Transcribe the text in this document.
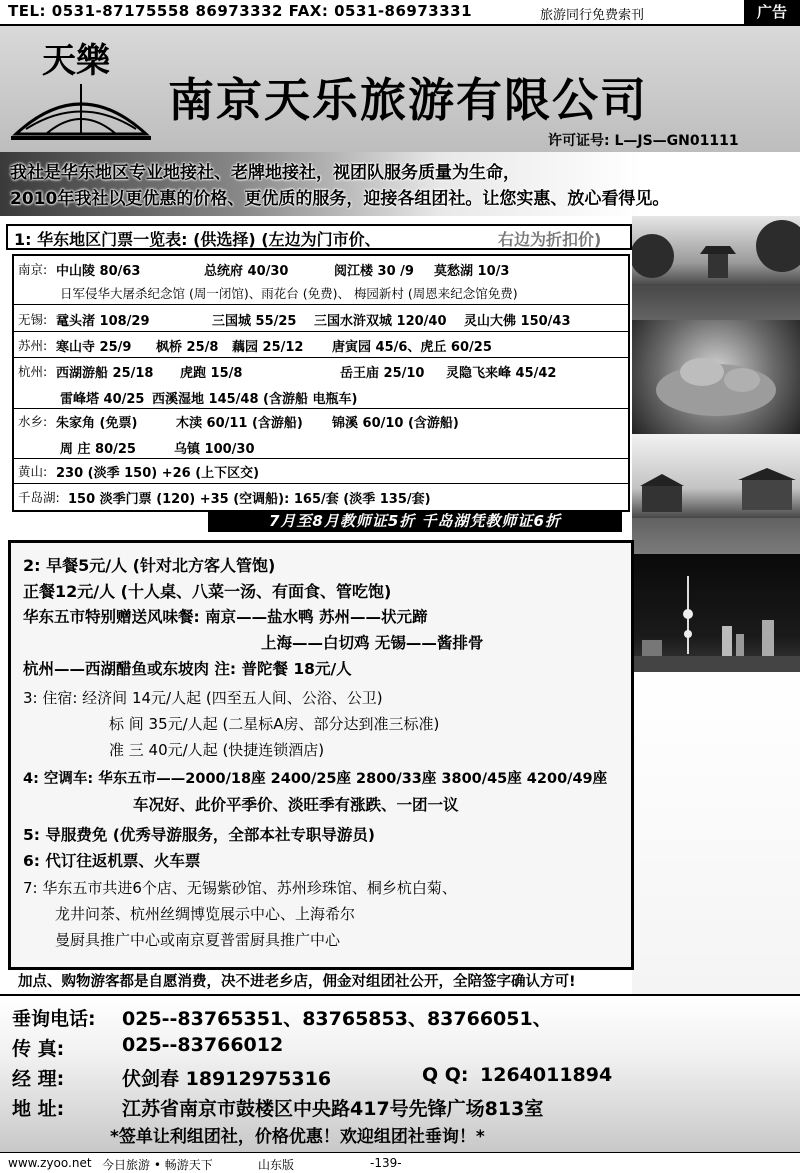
TEL: 0531-87175558 86973332 FAX: 0531-86973331	旅游同行免费索刊	广告
天樂
南京天乐旅游有限公司
许可证号: L—JS—GN01111
我社是华东地区专业地接社、老牌地接社，视团队服务质量为生命，
2010年我社以更优惠的价格、更优质的服务，迎接各组团社。让您实惠、放心看得见。
1: 华东地区门票一览表: (供选择) (左边为门市价、	右边为折扣价)
南京: 中山陵 80/63	总统府 40/30	阅江楼 30 /9 莫愁湖 10/3
日军侵华大屠杀纪念馆 (周一闭馆)、雨花台 (免费)、 梅园新村 (周恩来纪念馆免费)
无锡: 鼋头渚 108/29	三国城 55/25 三国水浒双城 120/40 灵山大佛 150/43
苏州: 寒山寺 25/9 枫桥 25/8 藕园 25/12 唐寅园 45/6、虎丘 60/25
杭州: 西湖游船 25/18 虎跑 15/8	岳王庙 25/10 灵隐飞来峰 45/42
雷峰塔 40/25 西溪湿地 145/48 (含游船 电瓶车)
水乡: 朱家角 (免票)	木渎 60/11 (含游船) 锦溪 60/10 (含游船)
周 庄 80/25	乌镇 100/30
黄山: 230 (淡季 150) +26 (上下区交)
千岛湖: 150 淡季门票 (120) +35 (空调船): 165/套 (淡季 135/套)
7月至8月教师证5折 千岛湖凭教师证6折
2: 早餐5元/人 (针对北方客人管饱)
正餐12元/人 (十人桌、八菜一汤、有面食、管吃饱)
华东五市特别赠送风味餐: 南京——盐水鸭 苏州——状元蹄
上海——白切鸡 无锡——酱排骨
杭州——西湖醋鱼或东坡肉 注: 普陀餐 18元/人
3: 住宿: 经济间 14元/人起 (四至五人间、公浴、公卫)
标 间 35元/人起 (二星标A房、部分达到准三标准)
准 三 40元/人起 (快捷连锁酒店)
4: 空调车: 华东五市——2000/18座 2400/25座 2800/33座 3800/45座 4200/49座
车况好、此价平季价、淡旺季有涨跌、一团一议
5: 导服费免 (优秀导游服务，全部本社专职导游员)
6: 代订往返机票、火车票
7: 华东五市共进6个店、无锡紫砂馆、苏州珍珠馆、桐乡杭白菊、
龙井问茶、杭州丝绸博览展示中心、上海希尔
曼厨具推广中心或南京夏普雷厨具推广中心
加点、购物游客都是自愿消费，决不进老乡店，佣金对组团社公开，全陪签字确认方可!
垂询电话: 025--83765351、83765853、83766051、
传 真:	025--83766012
经 理:	伏剑春 18912975316	Q Q: 1264011894
地 址:	江苏省南京市鼓楼区中央路417号先锋广场813室
*签单让利组团社，价格优惠！欢迎组团社垂询！*
www.zyoo.net 今日旅游 • 畅游天下	山东版	-139-
